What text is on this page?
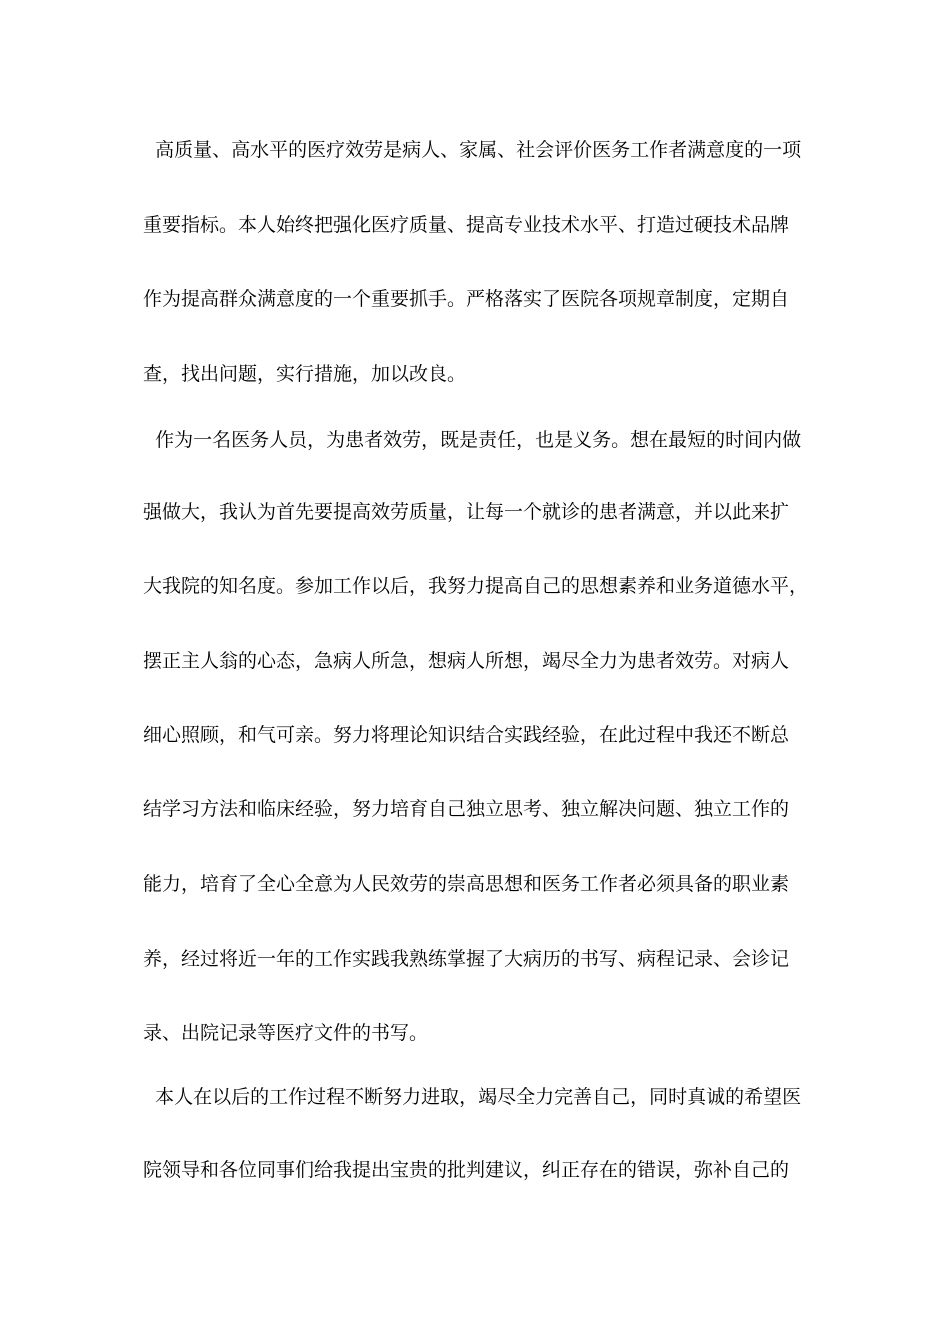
高质量、高水平的医疗效劳是病人、家属、社会评价医务工作者满意度的一项
重要指标。本人始终把强化医疗质量、提高专业技术水平、打造过硬技术品牌
作为提高群众满意度的一个重要抓手。严格落实了医院各项规章制度，定期自
查，找出问题，实行措施，加以改良。
作为一名医务人员，为患者效劳，既是责任，也是义务。想在最短的时间内做
强做大，我认为首先要提高效劳质量，让每一个就诊的患者满意，并以此来扩
大我院的知名度。参加工作以后，我努力提高自己的思想素养和业务道德水平，
摆正主人翁的心态，急病人所急，想病人所想，竭尽全力为患者效劳。对病人
细心照顾，和气可亲。努力将理论知识结合实践经验，在此过程中我还不断总
结学习方法和临床经验，努力培育自己独立思考、独立解决问题、独立工作的
能力，培育了全心全意为人民效劳的崇高思想和医务工作者必须具备的职业素
养，经过将近一年的工作实践我熟练掌握了大病历的书写、病程记录、会诊记
录、出院记录等医疗文件的书写。
本人在以后的工作过程不断努力进取，竭尽全力完善自己，同时真诚的希望医
院领导和各位同事们给我提出宝贵的批判建议，纠正存在的错误，弥补自己的
